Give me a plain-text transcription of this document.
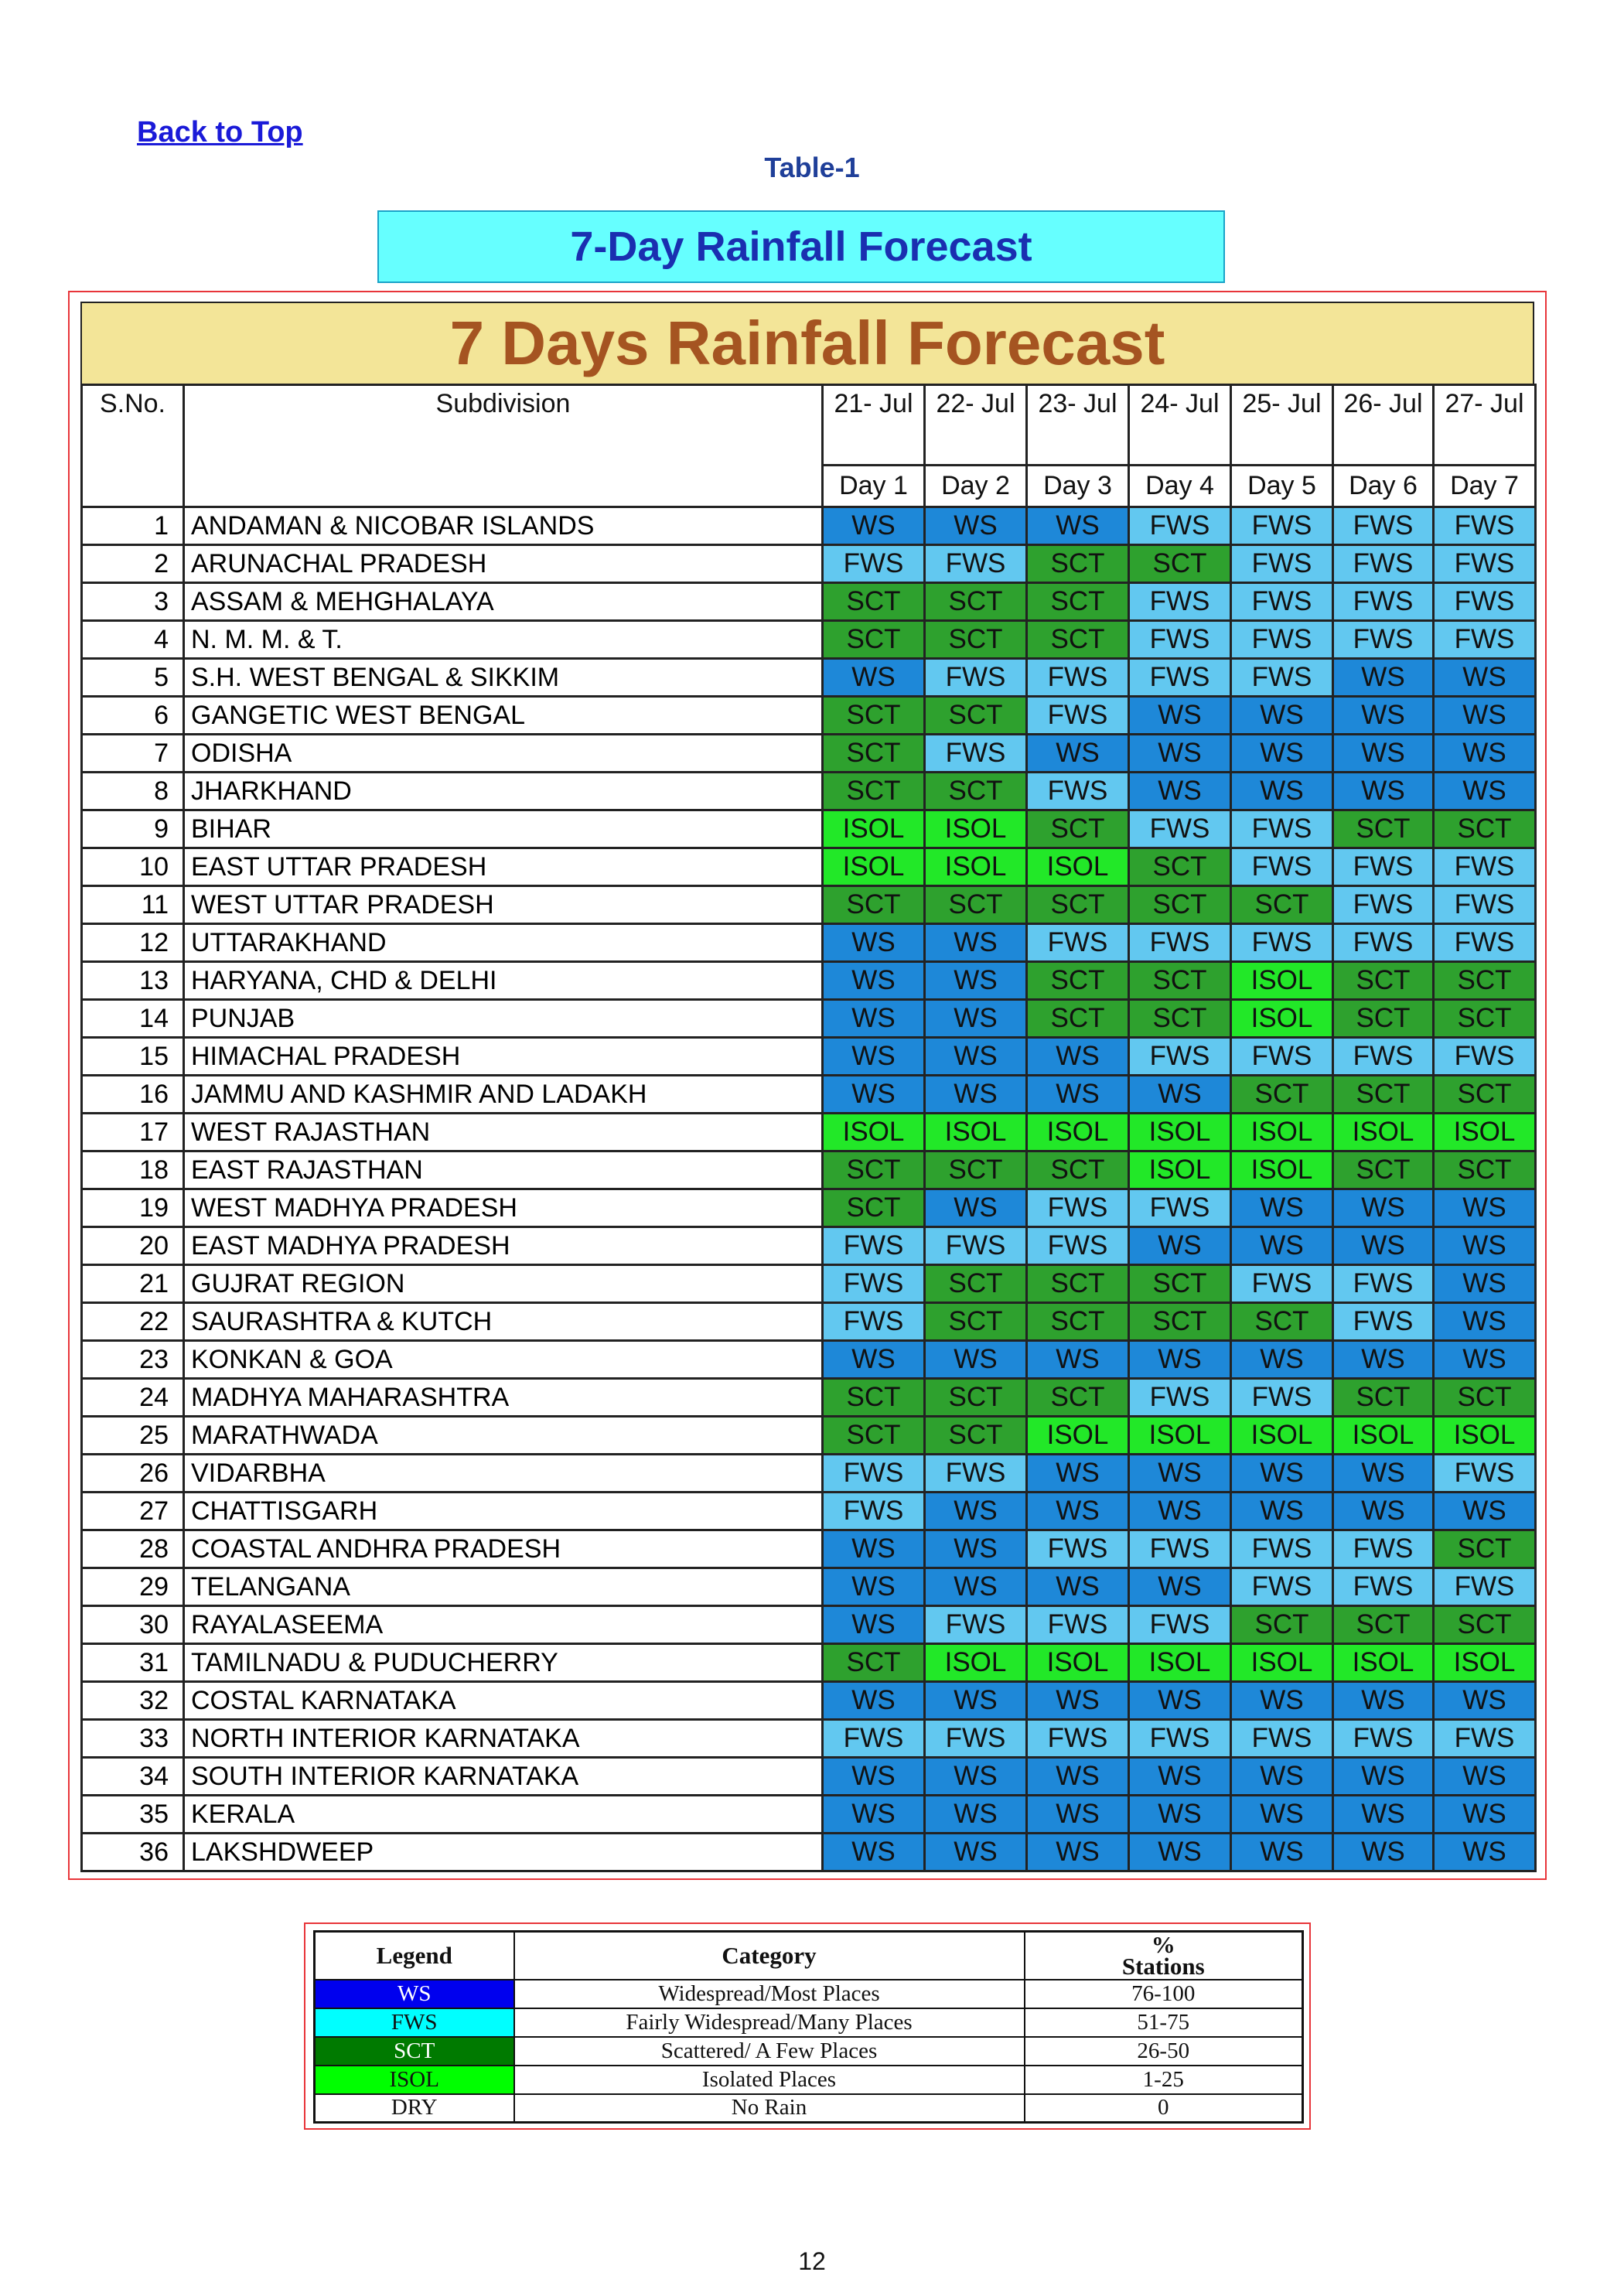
Back to Top
Table-1
7-Day Rainfall Forecast
7 Days Rainfall Forecast
S.No.	Subdivision	21- Jul	22- Jul	23- Jul	24- Jul	25- Jul	26- Jul	27- Jul
		Day 1	Day 2	Day 3	Day 4	Day 5	Day 6	Day 7
1	ANDAMAN & NICOBAR ISLANDS	WS	WS	WS	FWS	FWS	FWS	FWS
2	ARUNACHAL PRADESH	FWS	FWS	SCT	SCT	FWS	FWS	FWS
3	ASSAM & MEHGHALAYA	SCT	SCT	SCT	FWS	FWS	FWS	FWS
4	N. M. M. & T.	SCT	SCT	SCT	FWS	FWS	FWS	FWS
5	S.H. WEST BENGAL & SIKKIM	WS	FWS	FWS	FWS	FWS	WS	WS
6	GANGETIC WEST BENGAL	SCT	SCT	FWS	WS	WS	WS	WS
7	ODISHA	SCT	FWS	WS	WS	WS	WS	WS
8	JHARKHAND	SCT	SCT	FWS	WS	WS	WS	WS
9	BIHAR	ISOL	ISOL	SCT	FWS	FWS	SCT	SCT
10	EAST UTTAR PRADESH	ISOL	ISOL	ISOL	SCT	FWS	FWS	FWS
11	WEST UTTAR PRADESH	SCT	SCT	SCT	SCT	SCT	FWS	FWS
12	UTTARAKHAND	WS	WS	FWS	FWS	FWS	FWS	FWS
13	HARYANA, CHD & DELHI	WS	WS	SCT	SCT	ISOL	SCT	SCT
14	PUNJAB	WS	WS	SCT	SCT	ISOL	SCT	SCT
15	HIMACHAL PRADESH	WS	WS	WS	FWS	FWS	FWS	FWS
16	JAMMU AND KASHMIR AND LADAKH	WS	WS	WS	WS	SCT	SCT	SCT
17	WEST RAJASTHAN	ISOL	ISOL	ISOL	ISOL	ISOL	ISOL	ISOL
18	EAST RAJASTHAN	SCT	SCT	SCT	ISOL	ISOL	SCT	SCT
19	WEST MADHYA PRADESH	SCT	WS	FWS	FWS	WS	WS	WS
20	EAST MADHYA PRADESH	FWS	FWS	FWS	WS	WS	WS	WS
21	GUJRAT REGION	FWS	SCT	SCT	SCT	FWS	FWS	WS
22	SAURASHTRA & KUTCH	FWS	SCT	SCT	SCT	SCT	FWS	WS
23	KONKAN & GOA	WS	WS	WS	WS	WS	WS	WS
24	MADHYA MAHARASHTRA	SCT	SCT	SCT	FWS	FWS	SCT	SCT
25	MARATHWADA	SCT	SCT	ISOL	ISOL	ISOL	ISOL	ISOL
26	VIDARBHA	FWS	FWS	WS	WS	WS	WS	FWS
27	CHATTISGARH	FWS	WS	WS	WS	WS	WS	WS
28	COASTAL ANDHRA PRADESH	WS	WS	FWS	FWS	FWS	FWS	SCT
29	TELANGANA	WS	WS	WS	WS	FWS	FWS	FWS
30	RAYALASEEMA	WS	FWS	FWS	FWS	SCT	SCT	SCT
31	TAMILNADU & PUDUCHERRY	SCT	ISOL	ISOL	ISOL	ISOL	ISOL	ISOL
32	COSTAL KARNATAKA	WS	WS	WS	WS	WS	WS	WS
33	NORTH INTERIOR KARNATAKA	FWS	FWS	FWS	FWS	FWS	FWS	FWS
34	SOUTH INTERIOR KARNATAKA	WS	WS	WS	WS	WS	WS	WS
35	KERALA	WS	WS	WS	WS	WS	WS	WS
36	LAKSHDWEEP	WS	WS	WS	WS	WS	WS	WS
Legend	Category	%
Stations
WS	Widespread/Most Places	76-100
FWS	Fairly Widespread/Many Places	51-75
SCT	Scattered/ A Few Places	26-50
ISOL	Isolated Places	1-25
DRY	No Rain	0
12
